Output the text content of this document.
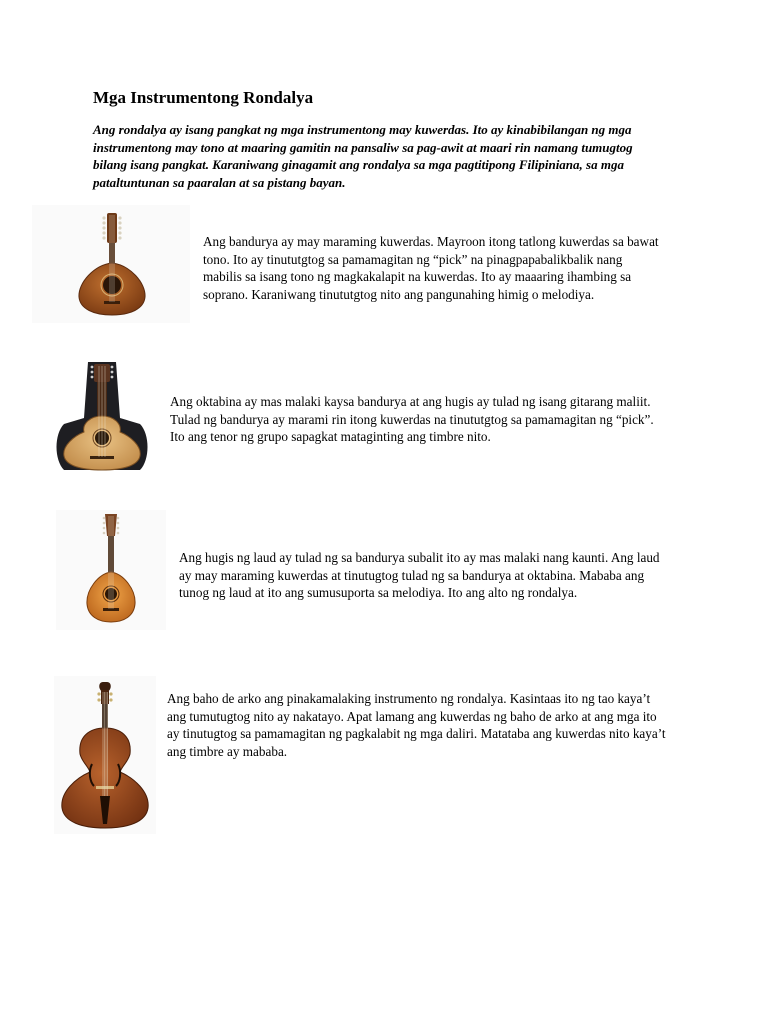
Mga Instrumentong Rondalya

Ang rondalya ay isang pangkat ng mga instrumentong may kuwerdas. Ito ay kinabibilangan ng mga instrumentong may tono at maaring gamitin na pansaliw sa pag-awit at maari rin namang tumugtog bilang isang pangkat. Karaniwang ginagamit ang rondalya sa mga pagtitipong Filipiniana, sa mga pataltuntunan sa paaralan at sa pistang bayan.

Ang bandurya ay may maraming kuwerdas. Mayroon itong tatlong kuwerdas sa bawat tono. Ito ay tinututgtog sa pamamagitan ng “pick” na pinagpapabalikbalik nang mabilis sa isang tono ng magkakalapit na kuwerdas. Ito ay maaaring ihambing sa soprano. Karaniwang tinututgtog nito ang pangunahing himig o melodiya.

Ang oktabina ay mas malaki kaysa bandurya at ang hugis ay tulad ng isang gitarang maliit. Tulad ng bandurya ay marami rin itong kuwerdas na tinututgtog sa pamamagitan ng “pick”. Ito ang tenor ng grupo sapagkat mataginting ang timbre nito.

Ang hugis ng laud ay tulad ng sa bandurya subalit ito ay mas malaki nang kaunti. Ang laud ay may maraming kuwerdas at tinutugtog tulad ng sa bandurya at oktabina. Mababa ang tunog ng laud at ito ang sumusuporta sa melodiya. Ito ang alto ng rondalya.

Ang baho de arko ang pinakamalaking instrumento ng rondalya. Kasintaas ito ng tao kaya’t ang tumutugtog nito ay nakatayo. Apat lamang ang kuwerdas ng baho de arko at ang mga ito ay tinutugtog sa pamamagitan ng pagkalabit ng mga daliri. Matataba ang kuwerdas nito kaya’t ang timbre ay mababa.
